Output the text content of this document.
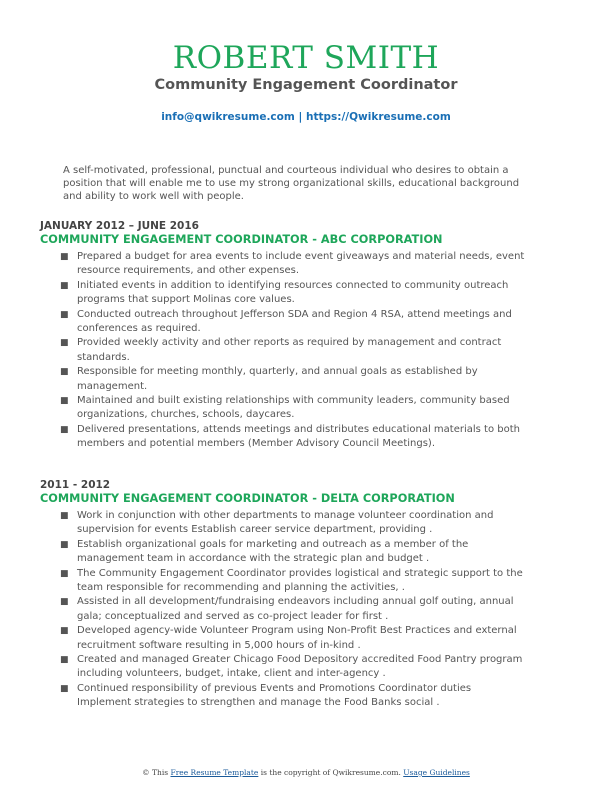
ROBERT SMITH
Community Engagement Coordinator
info@qwikresume.com | https://Qwikresume.com
A self-motivated, professional, punctual and courteous individual who desires to obtain a position that will enable me to use my strong organizational skills, educational background and ability to work well with people.
JANUARY 2012 – JUNE 2016
COMMUNITY ENGAGEMENT COORDINATOR - ABC CORPORATION
■ Prepared a budget for area events to include event giveaways and material needs, event resource requirements, and other expenses.
■ Initiated events in addition to identifying resources connected to community outreach programs that support Molinas core values.
■ Conducted outreach throughout Jefferson SDA and Region 4 RSA, attend meetings and conferences as required.
■ Provided weekly activity and other reports as required by management and contract standards.
■ Responsible for meeting monthly, quarterly, and annual goals as established by management.
■ Maintained and built existing relationships with community leaders, community based organizations, churches, schools, daycares.
■ Delivered presentations, attends meetings and distributes educational materials to both members and potential members (Member Advisory Council Meetings).
2011 - 2012
COMMUNITY ENGAGEMENT COORDINATOR - DELTA CORPORATION
■ Work in conjunction with other departments to manage volunteer coordination and supervision for events Establish career service department, providing .
■ Establish organizational goals for marketing and outreach as a member of the management team in accordance with the strategic plan and budget .
■ The Community Engagement Coordinator provides logistical and strategic support to the team responsible for recommending and planning the activities, .
■ Assisted in all development/fundraising endeavors including annual golf outing, annual gala; conceptualized and served as co-project leader for first .
■ Developed agency-wide Volunteer Program using Non-Profit Best Practices and external recruitment software resulting in 5,000 hours of in-kind .
■ Created and managed Greater Chicago Food Depository accredited Food Pantry program including volunteers, budget, intake, client and inter-agency .
■ Continued responsibility of previous Events and Promotions Coordinator duties Implement strategies to strengthen and manage the Food Banks social .
© This Free Resume Template is the copyright of Qwikresume.com. Usage Guidelines
